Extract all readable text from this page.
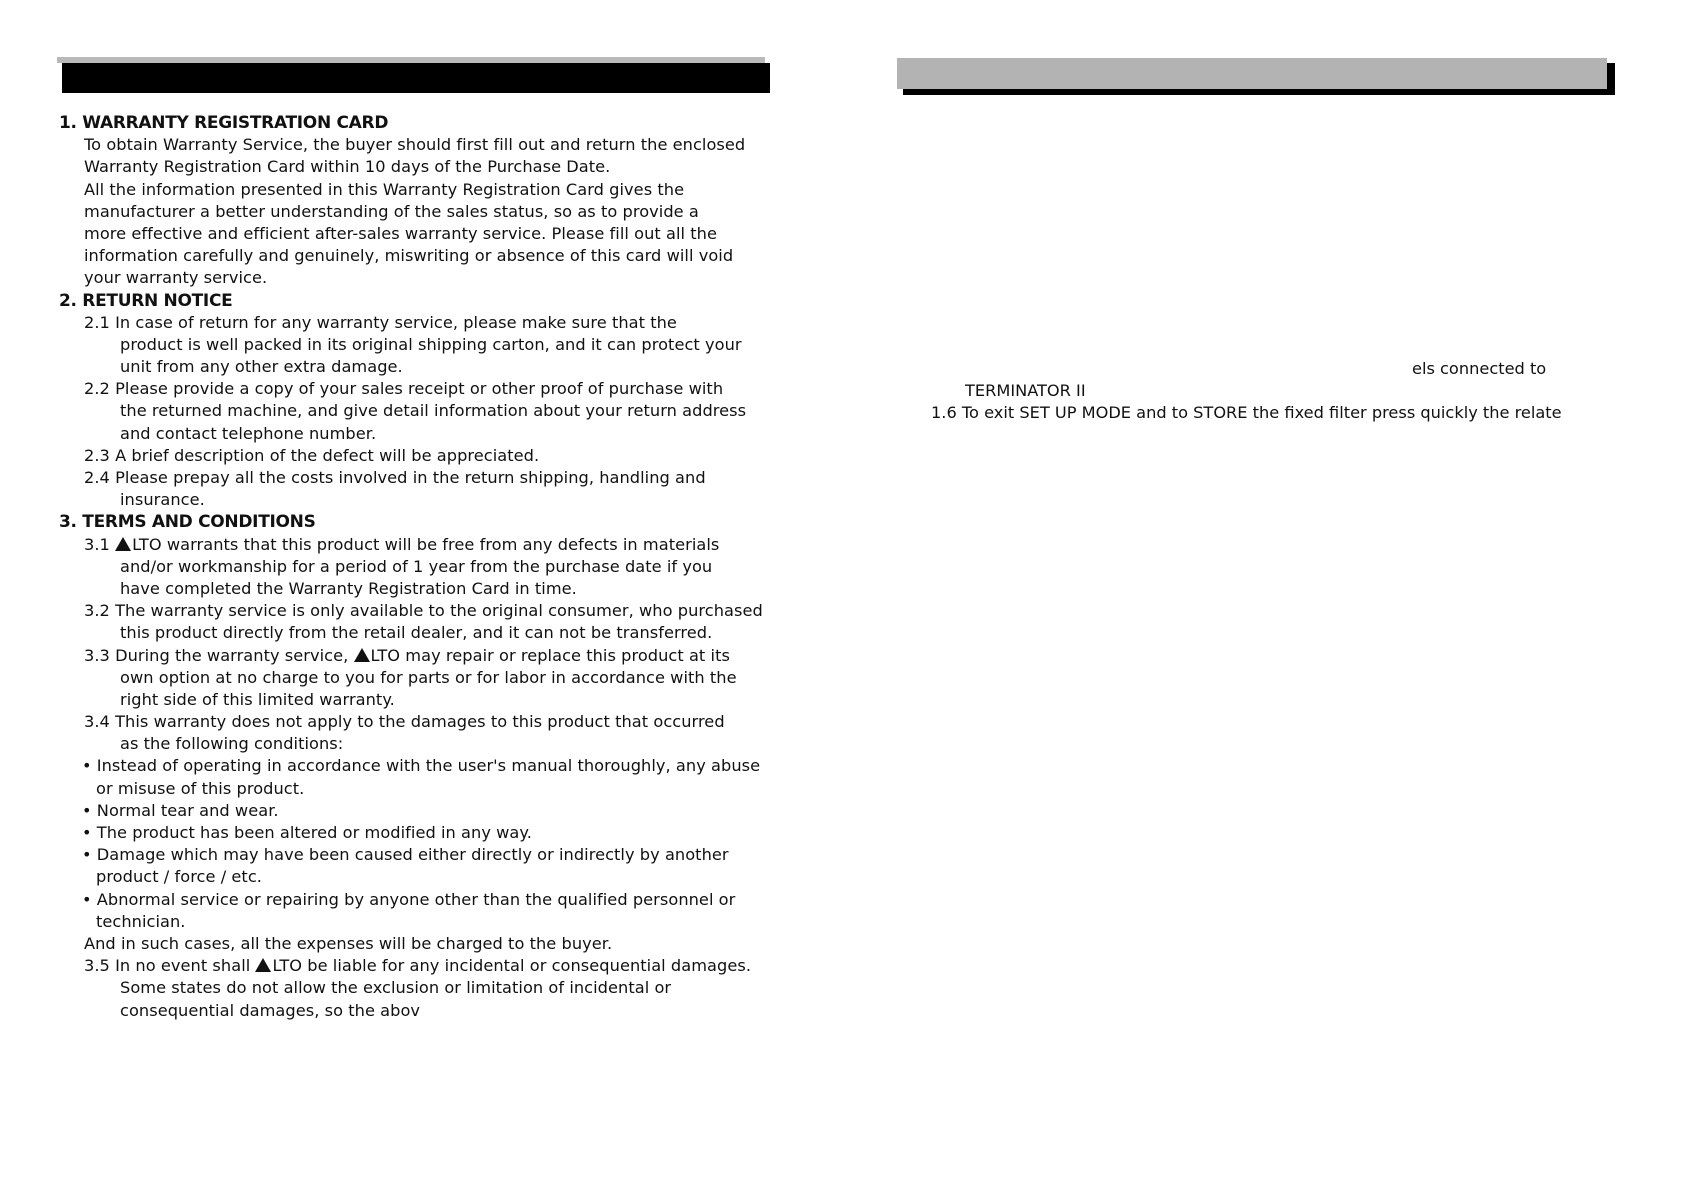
1. WARRANTY REGISTRATION CARD
To obtain Warranty Service, the buyer should first fill out and return the enclosed
Warranty Registration Card within 10 days of the Purchase Date.
All the information presented in this Warranty Registration Card gives the
manufacturer a better understanding of the sales status, so as to provide a
more effective and efficient after-sales warranty service. Please fill out all the
information carefully and genuinely, miswriting or absence of this card will void
your warranty service.
2. RETURN NOTICE
2.1 In case of return for any warranty service, please make sure that the
product is well packed in its original shipping carton, and it can protect your
unit from any other extra damage.
2.2 Please provide a copy of your sales receipt or other proof of purchase with
the returned machine, and give detail information about your return address
and contact telephone number.
2.3 A brief description of the defect will be appreciated.
2.4 Please prepay all the costs involved in the return shipping, handling and
insurance.
3. TERMS AND CONDITIONS
3.1 LTO warrants that this product will be free from any defects in materials
and/or workmanship for a period of 1 year from the purchase date if you
have completed the Warranty Registration Card in time.
3.2 The warranty service is only available to the original consumer, who purchased
this product directly from the retail dealer, and it can not be transferred.
3.3 During the warranty service, LTO may repair or replace this product at its
own option at no charge to you for parts or for labor in accordance with the
right side of this limited warranty.
3.4 This warranty does not apply to the damages to this product that occurred
as the following conditions:
• Instead of operating in accordance with the user's manual thoroughly, any abuse
or misuse of this product.
• Normal tear and wear.
• The product has been altered or modified in any way.
• Damage which may have been caused either directly or indirectly by another
product / force / etc.
• Abnormal service or repairing by anyone other than the qualified personnel or
technician.
And in such cases, all the expenses will be charged to the buyer.
3.5 In no event shall LTO be liable for any incidental or consequential damages.
Some states do not allow the exclusion or limitation of incidental or
consequential damages, so the abov
els connected to
TERMINATOR II
1.6 To exit SET UP MODE and to STORE the fixed filter press quickly the relate
